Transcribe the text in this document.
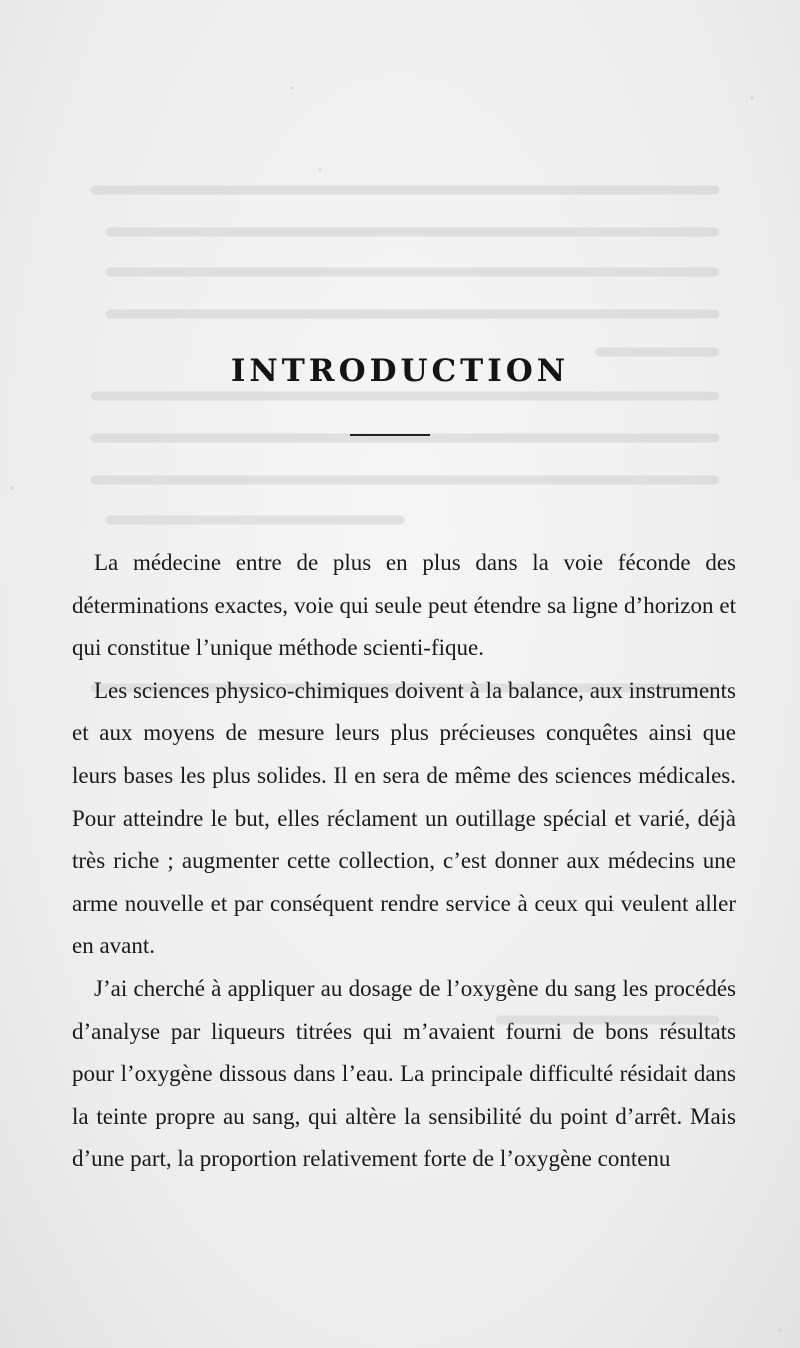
INTRODUCTION

La médecine entre de plus en plus dans la voie féconde des déterminations exactes, voie qui seule peut étendre sa ligne d’horizon et qui constitue l’unique méthode scienti-fique.

Les sciences physico-chimiques doivent à la balance, aux instruments et aux moyens de mesure leurs plus précieuses conquêtes ainsi que leurs bases les plus solides. Il en sera de même des sciences médicales. Pour atteindre le but, elles réclament un outillage spécial et varié, déjà très riche ; augmenter cette collection, c’est donner aux médecins une arme nouvelle et par conséquent rendre service à ceux qui veulent aller en avant.

J’ai cherché à appliquer au dosage de l’oxygène du sang les procédés d’analyse par liqueurs titrées qui m’avaient fourni de bons résultats pour l’oxygène dissous dans l’eau. La principale difficulté résidait dans la teinte propre au sang, qui altère la sensibilité du point d’arrêt. Mais d’une part, la proportion relativement forte de l’oxygène contenu
